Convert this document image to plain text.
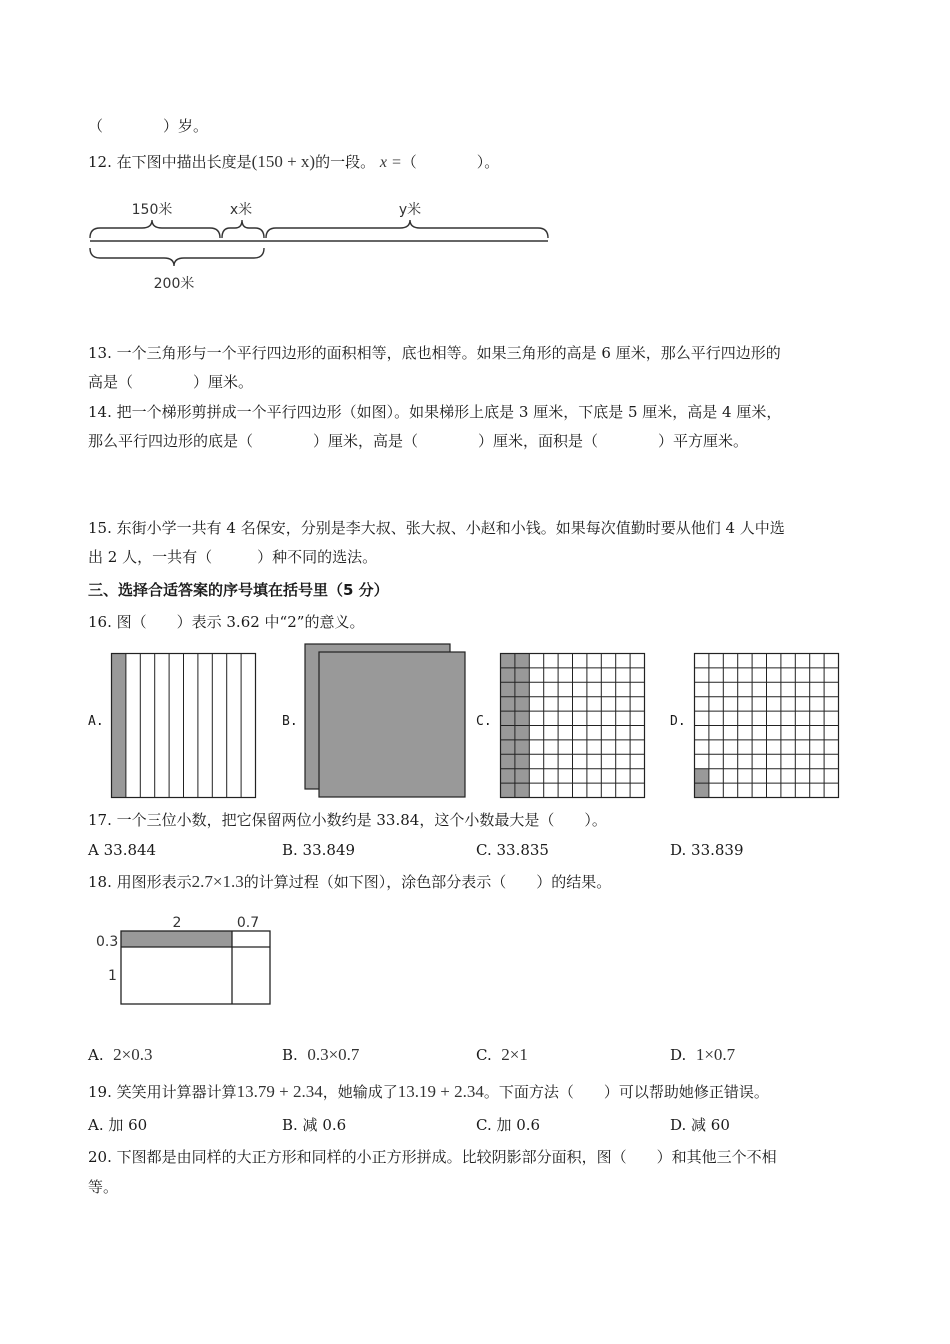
（　　　　）岁。
12. 在下图中描出长度是(150 + x)的一段。 x =（　　　　）。
150米	x米	y米
200米
13. 一个三角形与一个平行四边形的面积相等，底也相等。如果三角形的高是 6 厘米，那么平行四边形的
高是（　　　　）厘米。
14. 把一个梯形剪拼成一个平行四边形（如图）。如果梯形上底是 3 厘米，下底是 5 厘米，高是 4 厘米，
那么平行四边形的底是（　　　　）厘米，高是（　　　　）厘米，面积是（　　　　）平方厘米。
15. 东街小学一共有 4 名保安，分别是李大叔、张大叔、小赵和小钱。如果每次值勤时要从他们 4 人中选
出 2 人，一共有（　　　）种不同的选法。
三、选择合适答案的序号填在括号里（5 分）
16. 图（　　）表示 3.62 中“2”的意义。
A.	B.	C.	D.
17. 一个三位小数，把它保留两位小数约是 33.84，这个小数最大是（　　）。
A 33.844	B. 33.849	C. 33.835	D. 33.839
18. 用图形表示2.7×1.3的计算过程（如下图），涂色部分表示（　　）的结果。
2	0.7
0.3
1
A. 2×0.3	B. 0.3×0.7	C. 2×1	D. 1×0.7
19. 笑笑用计算器计算13.79 + 2.34，她输成了13.19 + 2.34。下面方法（　　）可以帮助她修正错误。
A. 加 60	B. 减 0.6	C. 加 0.6	D. 减 60
20. 下图都是由同样的大正方形和同样的小正方形拼成。比较阴影部分面积，图（　　）和其他三个不相
等。
